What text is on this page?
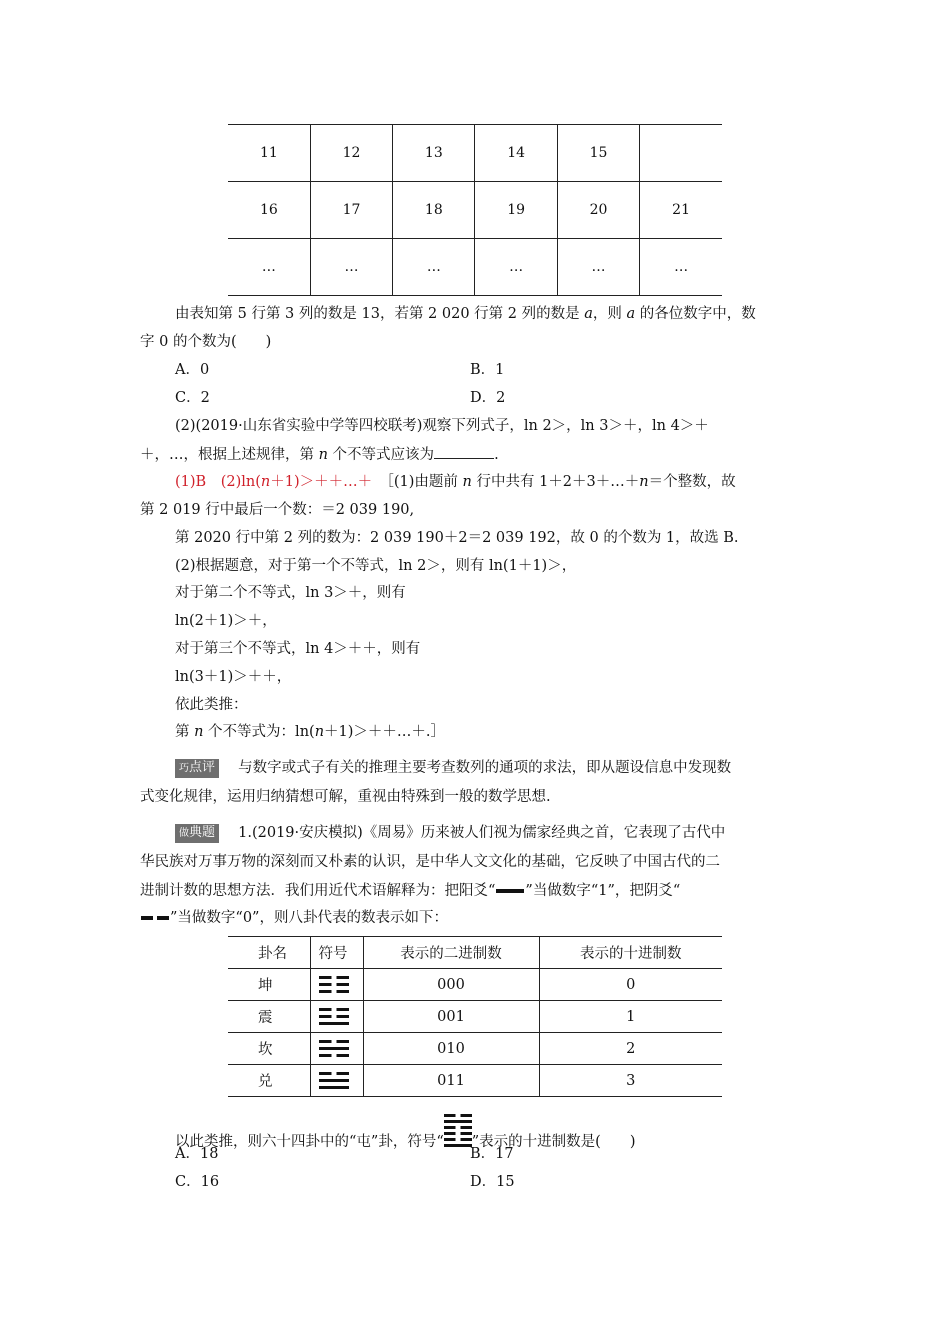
11	12	13	14	15	
16	17	18	19	20	21
…	…	…	…	…	…
由表知第 5 行第 3 列的数是 13，若第 2 020 行第 2 列的数是 a，则 a 的各位数字中，数
字 0 的个数为(　　)
A．0	B．1
C．2	D．2
(2)(2019·山东省实验中学等四校联考)观察下列式子，ln 2＞，ln 3＞＋，ln 4＞＋
＋，…，根据上述规律，第 n 个不等式应该为	.
(1)B　(2)ln(n＋1)＞＋＋…＋　 ［(1)由题前 n 行中共有 1＋2＋3＋…＋n＝个整数，故
第 2 019 行中最后一个数：＝2 039 190,
第 2020 行中第 2 列的数为：2 039 190＋2＝2 039 192，故 0 的个数为 1，故选 B.
(2)根据题意，对于第一个不等式，ln 2＞，则有 ln(1＋1)＞，
对于第二个不等式，ln 3＞＋，则有
ln(2＋1)＞＋，
对于第三个不等式，ln 4＞＋＋，则有
ln(3＋1)＞＋＋，
依此类推：
第 n 个不等式为：ln(n＋1)＞＋＋…＋.］
巧点评　 与数字或式子有关的推理主要考查数列的通项的求法，即从题设信息中发现数
式变化规律，运用归纳猜想可解，重视由特殊到一般的数学思想.
做典题　 1.(2019·安庆模拟)《周易》历来被人们视为儒家经典之首，它表现了古代中
华民族对万事万物的深刻而又朴素的认识，是中华人文文化的基础，它反映了中国古代的二
进制计数的思想方法．我们用近代术语解释为：把阳爻“ ”当做数字“1”，把阴爻“
”当做数字“0”，则八卦代表的数表示如下：
卦名	符号	表示的二进制数	表示的十进制数
坤		000	0
震		001	1
坎		010	2
兑		011	3
以此类推，则六十四卦中的“屯”卦，符号“ ”表示的十进制数是(　　)
A．18	B．17
C．16	D．15
